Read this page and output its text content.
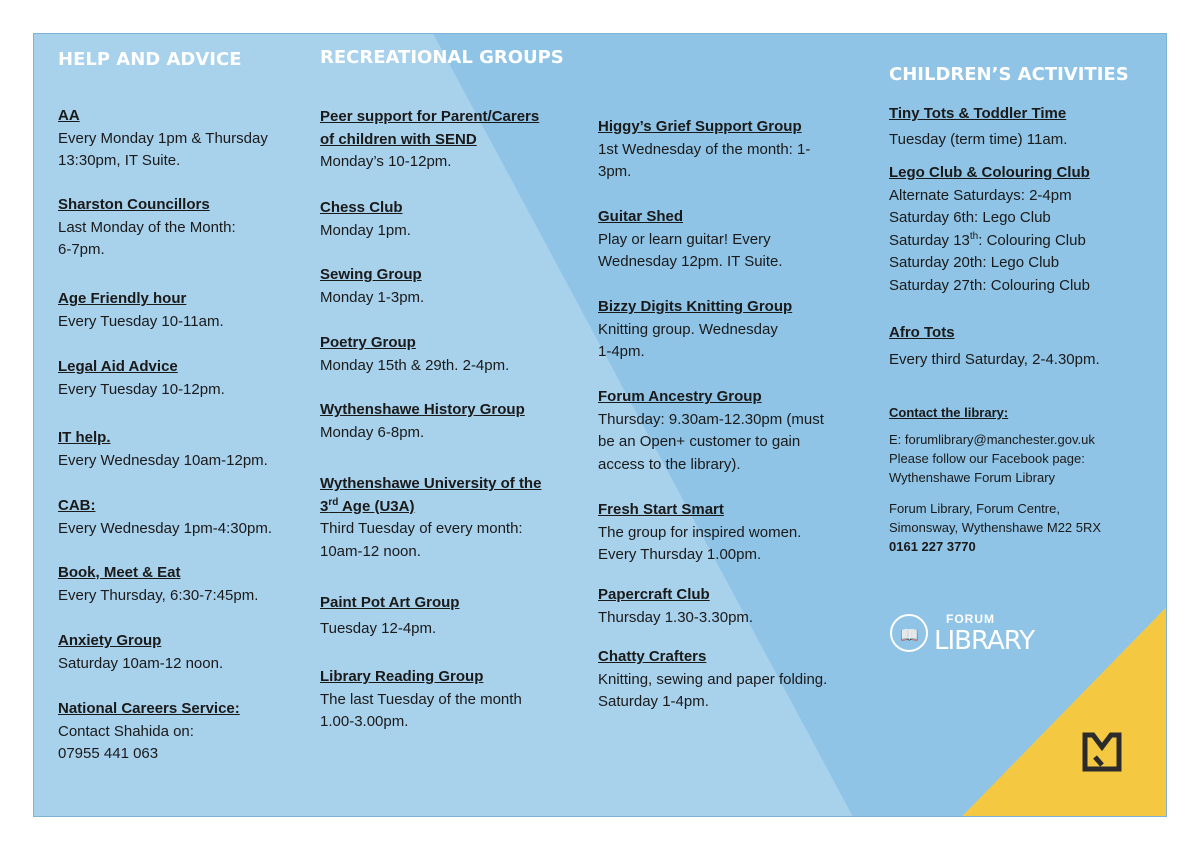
HELP AND ADVICE
AA
Every Monday 1pm & Thursday
13:30pm, IT Suite.
Sharston Councillors
Last Monday of the Month:
6-7pm.
Age Friendly hour
Every Tuesday 10-11am.
Legal Aid Advice
Every Tuesday 10-12pm.
IT help.
Every Wednesday 10am-12pm.
CAB:
Every Wednesday 1pm-4:30pm.
Book, Meet & Eat
Every Thursday, 6:30-7:45pm.
Anxiety Group
Saturday 10am-12 noon.
National Careers Service:
Contact Shahida on:
07955 441 063
RECREATIONAL GROUPS
Peer support for Parent/Carers
of children with SEND
Monday’s 10-12pm.
Chess Club
Monday 1pm.
Sewing Group
Monday 1-3pm.
Poetry Group
Monday 15th & 29th. 2-4pm.
Wythenshawe History Group
Monday 6-8pm.
Wythenshawe University of the
3rd Age (U3A)
Third Tuesday of every month:
10am-12 noon.
Paint Pot Art Group
Tuesday 12-4pm.
Library Reading Group
The last Tuesday of the month
1.00-3.00pm.
Higgy’s Grief Support Group
1st Wednesday of the month: 1-
3pm.
Guitar Shed
Play or learn guitar! Every
Wednesday 12pm. IT Suite.
Bizzy Digits Knitting Group
Knitting group. Wednesday
1-4pm.
Forum Ancestry Group
Thursday: 9.30am-12.30pm (must
be an Open+ customer to gain
access to the library).
Fresh Start Smart
The group for inspired women.
Every Thursday 1.00pm.
Papercraft Club
Thursday 1.30-3.30pm.
Chatty Crafters
Knitting, sewing and paper folding.
Saturday 1-4pm.
CHILDREN’S ACTIVITIES
Tiny Tots & Toddler Time
Tuesday (term time) 11am.
Lego Club & Colouring Club
Alternate Saturdays: 2-4pm
Saturday 6th: Lego Club
Saturday 13th: Colouring Club
Saturday 20th: Lego Club
Saturday 27th: Colouring Club
Afro Tots
Every third Saturday, 2-4.30pm.
Contact the library:
E: forumlibrary@manchester.gov.uk
Please follow our Facebook page:
Wythenshawe Forum Library
Forum Library, Forum Centre,
Simonsway, Wythenshawe M22 5RX
0161 227 3770
📖
FORUM
LIBRARY
